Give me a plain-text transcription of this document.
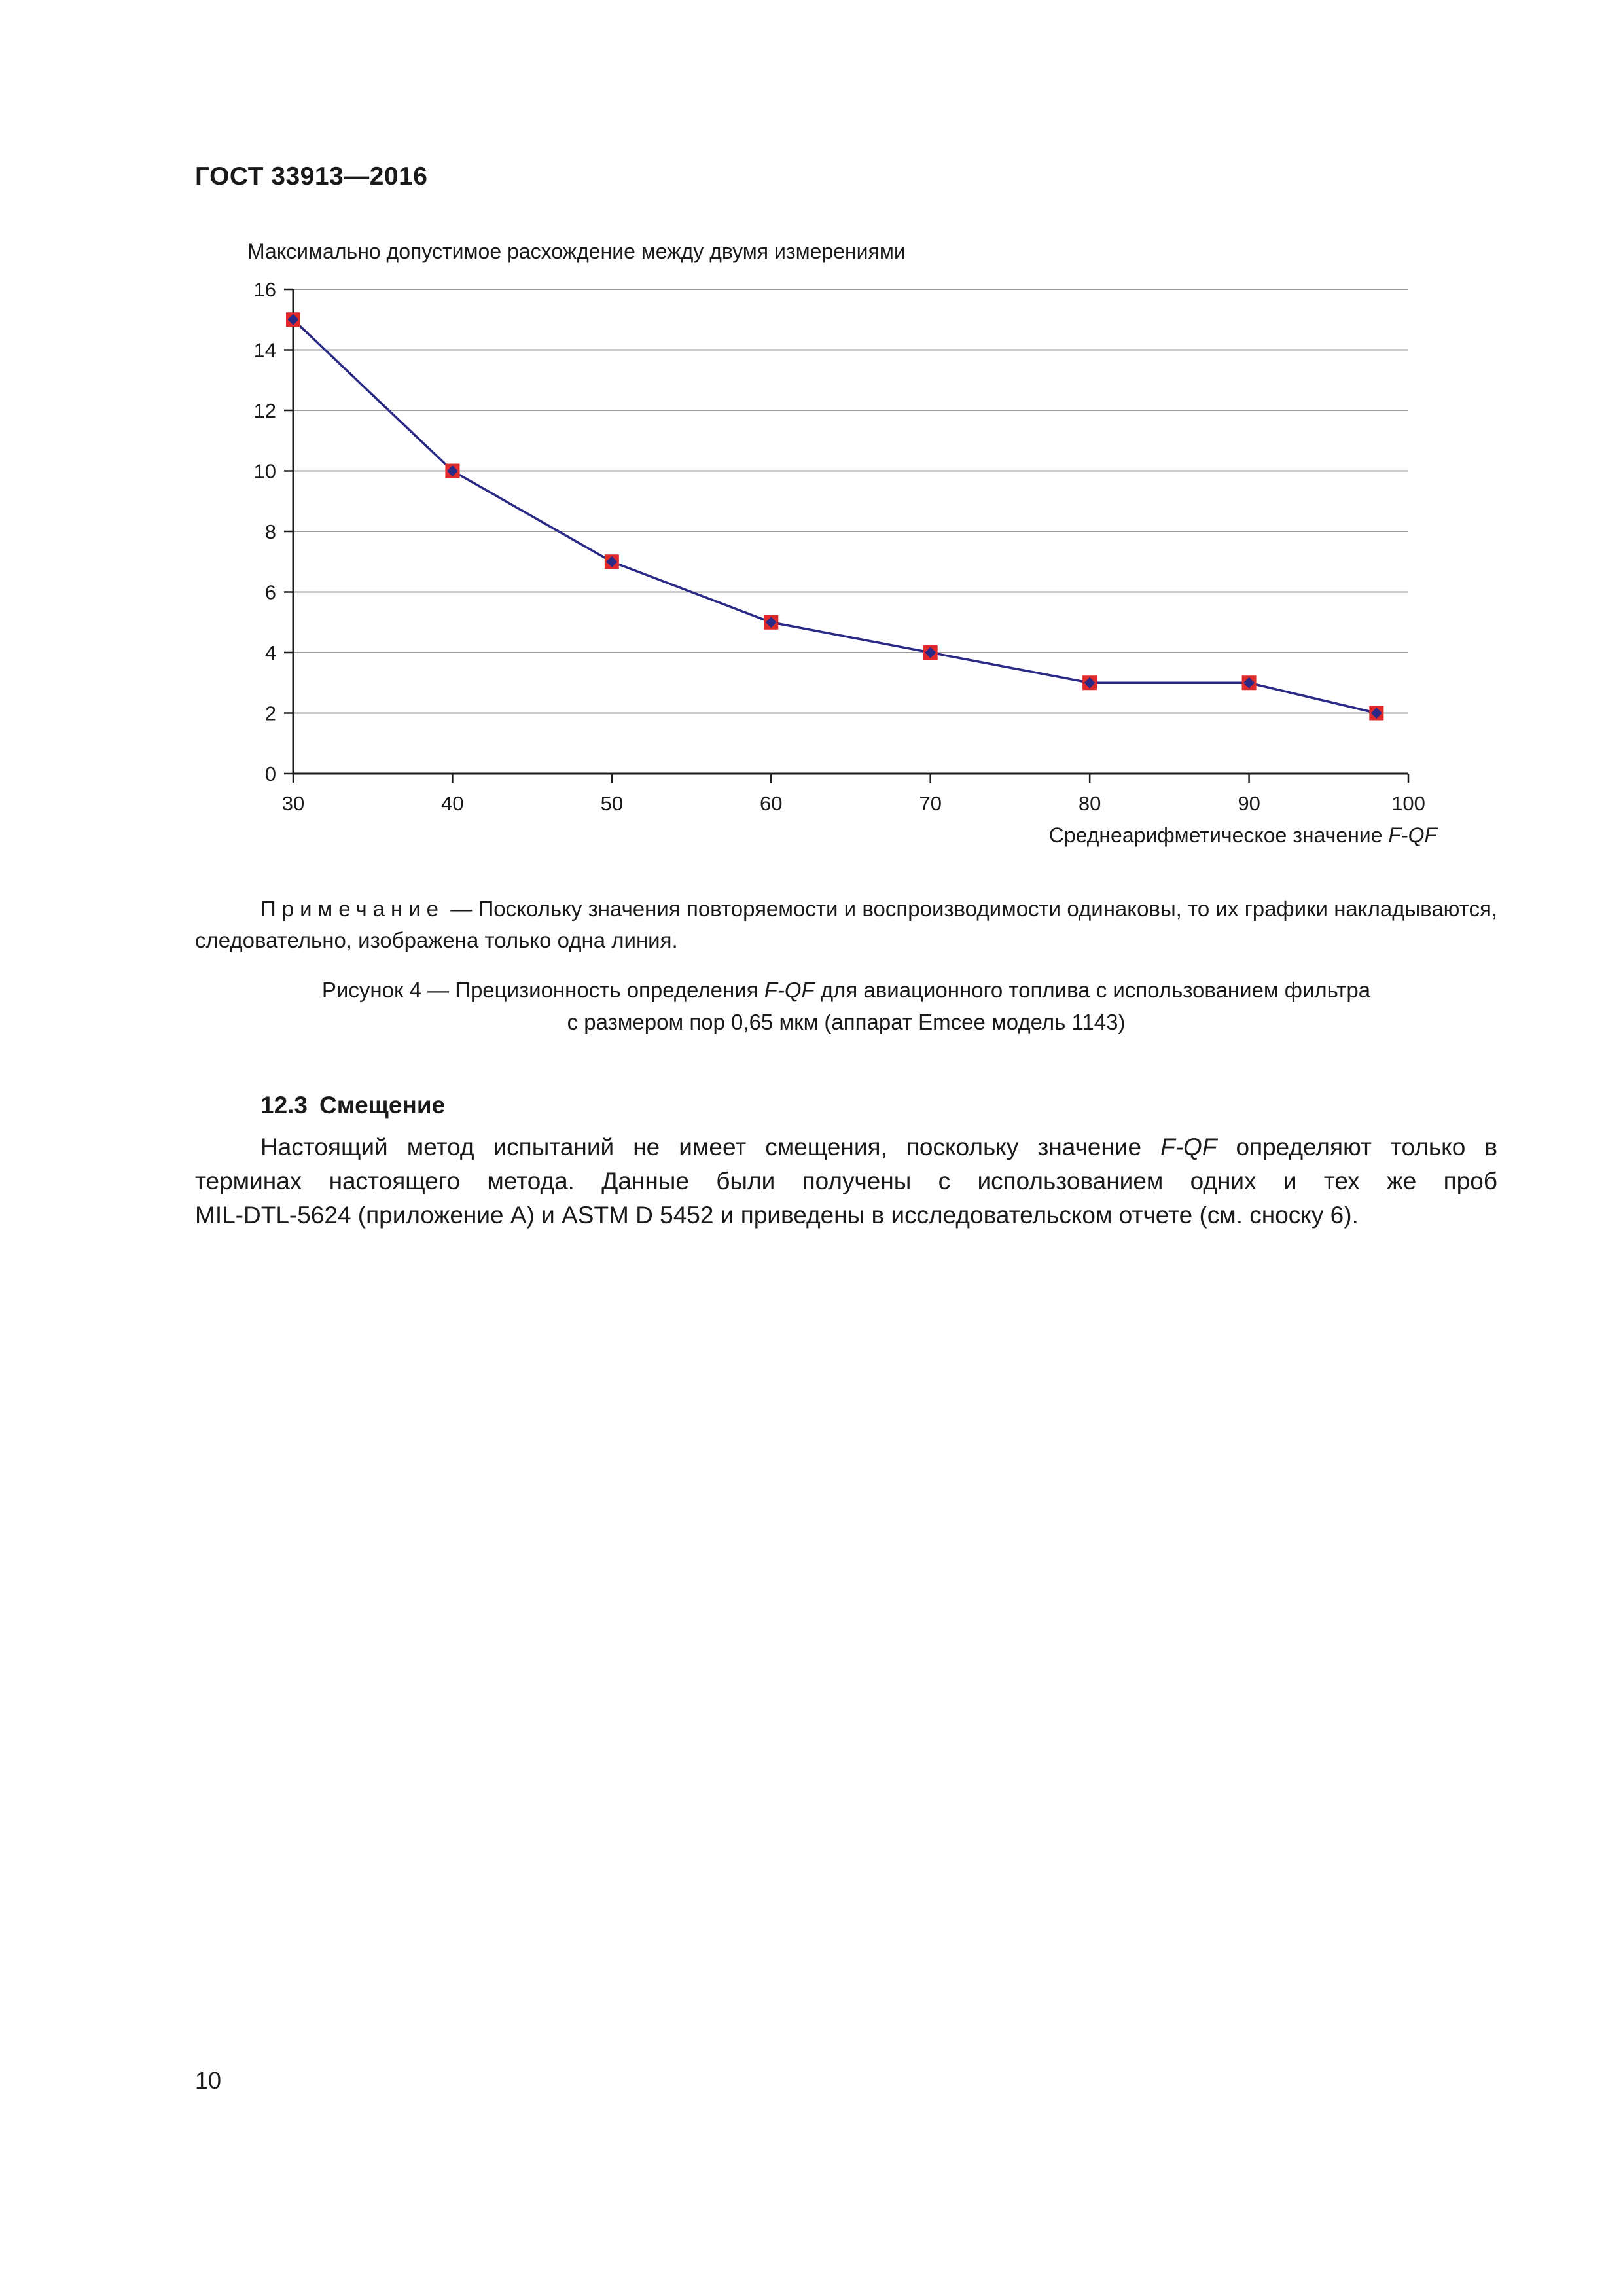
ГОСТ 33913—2016
Максимально допустимое расхождение между двумя измерениями
0
2
4
6
8
10
12
14
16
30	40	50	60	70	80	90	100
Среднеарифметическое значение F-QF
Примечание — Поскольку значения повторяемости и воспроизводимости одинаковы, то их графики накладываются, следовательно, изображена только одна линия.
Рисунок 4 — Прецизионность определения F-QF для авиационного топлива с использованием фильтра
с размером пор 0,65 мкм (аппарат Emcee модель 1143)
12.3 Смещение
Настоящий метод испытаний не имеет смещения, поскольку значение F-QF определяют только в
терминах настоящего метода. Данные были получены с использованием одних и тех же проб
MIL-DTL-5624 (приложение А) и ASTM D 5452 и приведены в исследовательском отчете (см. сноску 6).
10
